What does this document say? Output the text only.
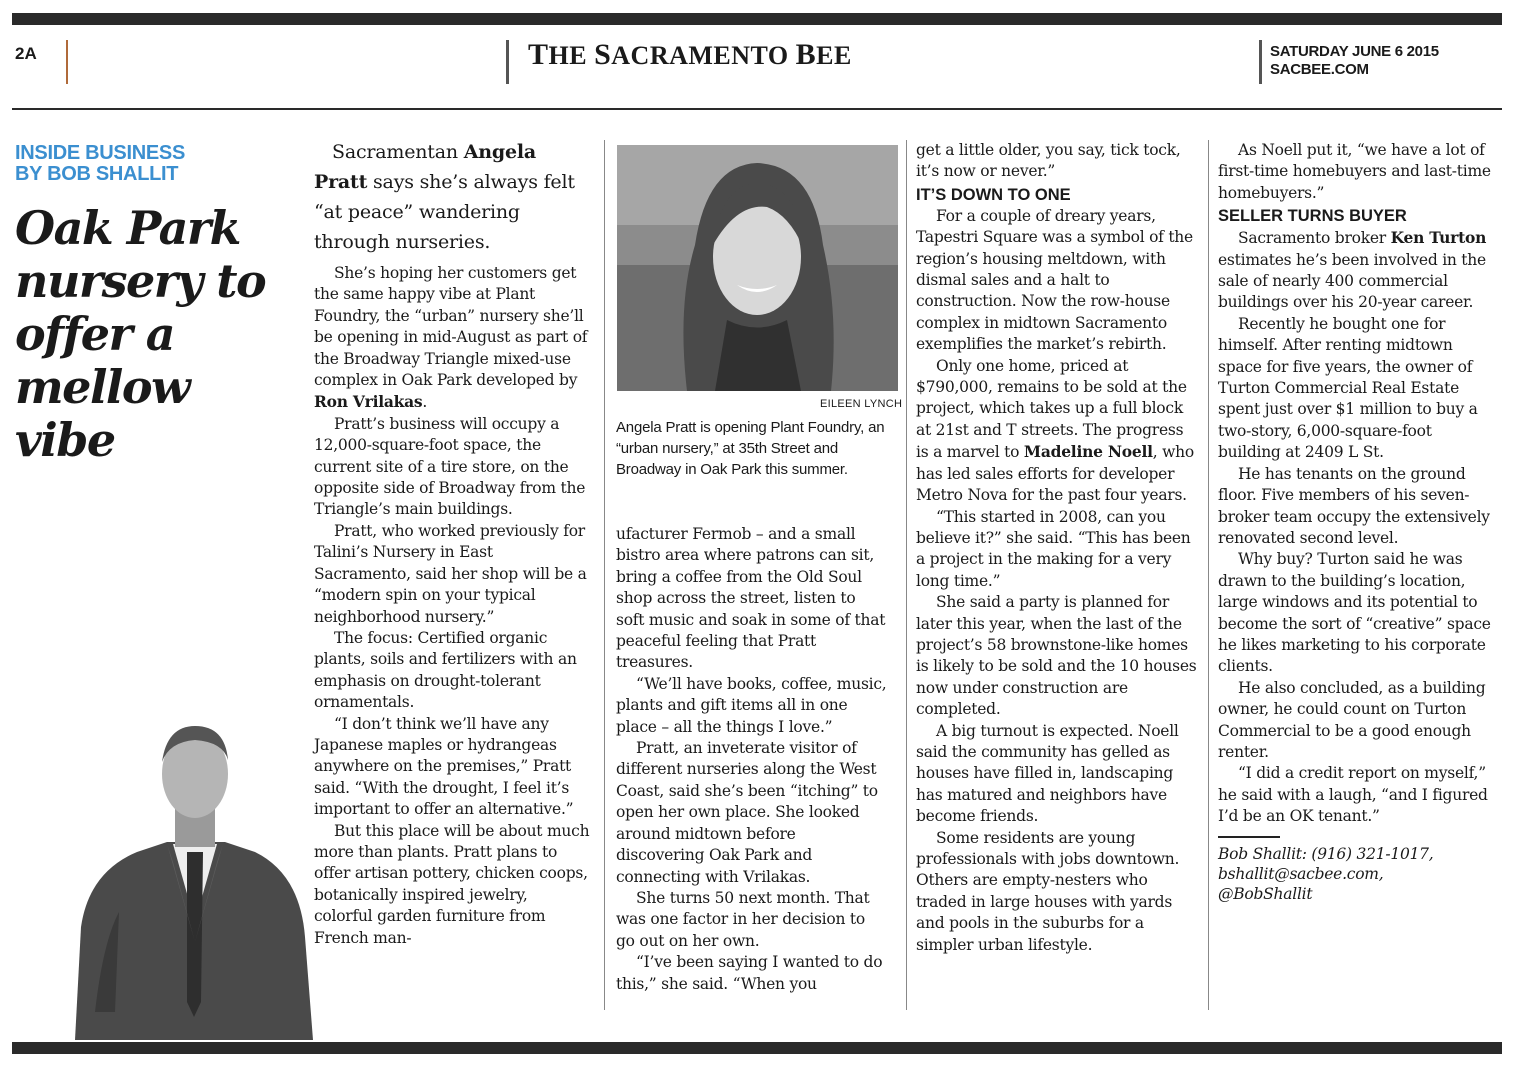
2A	THE SACRAMENTO BEE	SATURDAY JUNE 6 2015
SACBEE.COM
INSIDE BUSINESS
BY BOB SHALLIT
Oak Park nursery to offer a mellow vibe

Sacramentan Angela Pratt says she’s always felt “at peace” wandering through nurseries.

She’s hoping her customers get the same happy vibe at Plant Foundry, the “urban” nursery she’ll be opening in mid-August as part of the Broadway Triangle mixed-use complex in Oak Park developed by Ron Vrilakas.

Pratt’s business will occupy a 12,000-square-foot space, the current site of a tire store, on the opposite side of Broadway from the Triangle’s main buildings.

Pratt, who worked previously for Talini’s Nursery in East Sacramento, said her shop will be a “modern spin on your typical neighborhood nursery.”

The focus: Certified organic plants, soils and fertilizers with an emphasis on drought-tolerant ornamentals.

“I don’t think we’ll have any Japanese maples or hydrangeas anywhere on the premises,” Pratt said. “With the drought, I feel it’s important to offer an alternative.”

But this place will be about much more than plants. Pratt plans to offer artisan pottery, chicken coops, botanically inspired jewelry, colorful garden furniture from French man-

EILEEN LYNCH
Angela Pratt is opening Plant Foundry, an “urban nursery,” at 35th Street and Broadway in Oak Park this summer.

ufacturer Fermob – and a small bistro area where patrons can sit, bring a coffee from the Old Soul shop across the street, listen to soft music and soak in some of that peaceful feeling that Pratt treasures.

“We’ll have books, coffee, music, plants and gift items all in one place – all the things I love.”

Pratt, an inveterate visitor of different nurseries along the West Coast, said she’s been “itching” to open her own place. She looked around midtown before discovering Oak Park and connecting with Vrilakas.

She turns 50 next month. That was one factor in her decision to go out on her own.

“I’ve been saying I wanted to do this,” she said. “When you

get a little older, you say, tick tock, it’s now or never.”

IT’S DOWN TO ONE

For a couple of dreary years, Tapestri Square was a symbol of the region’s housing meltdown, with dismal sales and a halt to construction. Now the row-house complex in midtown Sacramento exemplifies the market’s rebirth.

Only one home, priced at $790,000, remains to be sold at the project, which takes up a full block at 21st and T streets. The progress is a marvel to Madeline Noell, who has led sales efforts for developer Metro Nova for the past four years.

“This started in 2008, can you believe it?” she said. “This has been a project in the making for a very long time.”

She said a party is planned for later this year, when the last of the project’s 58 brownstone-like homes is likely to be sold and the 10 houses now under construction are completed.

A big turnout is expected. Noell said the community has gelled as houses have filled in, landscaping has matured and neighbors have become friends.

Some residents are young professionals with jobs downtown. Others are empty-nesters who traded in large houses with yards and pools in the suburbs for a simpler urban lifestyle.

As Noell put it, “we have a lot of first-time homebuyers and last-time homebuyers.”

SELLER TURNS BUYER

Sacramento broker Ken Turton estimates he’s been involved in the sale of nearly 400 commercial buildings over his 20-year career.

Recently he bought one for himself. After renting midtown space for five years, the owner of Turton Commercial Real Estate spent just over $1 million to buy a two-story, 6,000-square-foot building at 2409 L St.

He has tenants on the ground floor. Five members of his seven-broker team occupy the extensively renovated second level.

Why buy? Turton said he was drawn to the building’s location, large windows and its potential to become the sort of “creative” space he likes marketing to his corporate clients.

He also concluded, as a building owner, he could count on Turton Commercial to be a good enough renter.

“I did a credit report on myself,” he said with a laugh, “and I figured I’d be an OK tenant.”

Bob Shallit: (916) 321-1017,
bshallit@sacbee.com,
@BobShallit
